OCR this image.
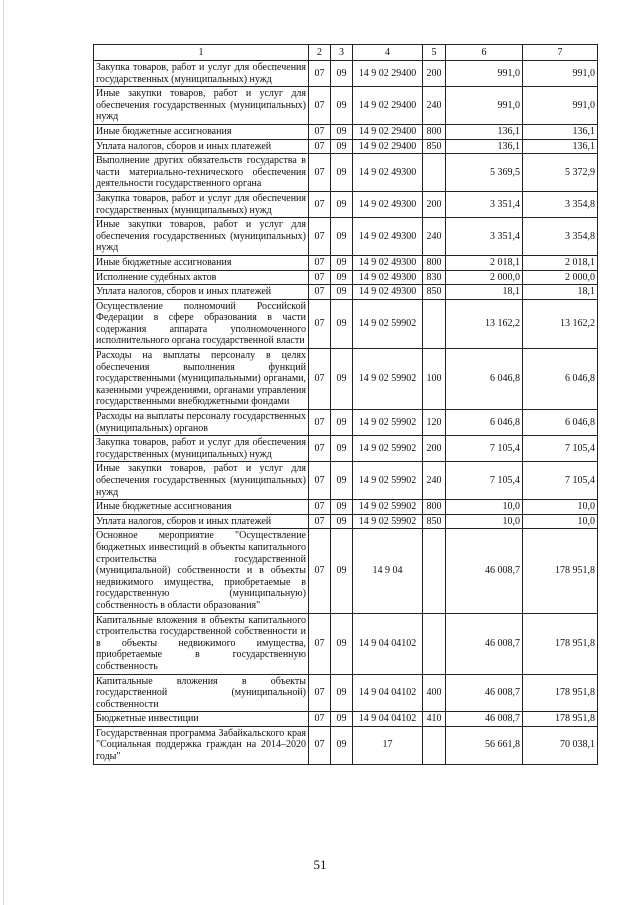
1	2	3	4	5	6	7
Закупка товаров, работ и услуг для обеспечения государственных (муниципальных) нужд	07	09	14 9 02 29400	200	991,0	991,0
Иные закупки товаров, работ и услуг для обеспечения государственных (муниципальных) нужд	07	09	14 9 02 29400	240	991,0	991,0
Иные бюджетные ассигнования	07	09	14 9 02 29400	800	136,1	136,1
Уплата налогов, сборов и иных платежей	07	09	14 9 02 29400	850	136,1	136,1
Выполнение других обязательств государства в части материально-технического обеспечения деятельности государственного органа	07	09	14 9 02 49300		5 369,5	5 372,9
Закупка товаров, работ и услуг для обеспечения государственных (муниципальных) нужд	07	09	14 9 02 49300	200	3 351,4	3 354,8
Иные закупки товаров, работ и услуг для обеспечения государственных (муниципальных) нужд	07	09	14 9 02 49300	240	3 351,4	3 354,8
Иные бюджетные ассигнования	07	09	14 9 02 49300	800	2 018,1	2 018,1
Исполнение судебных актов	07	09	14 9 02 49300	830	2 000,0	2 000,0
Уплата налогов, сборов и иных платежей	07	09	14 9 02 49300	850	18,1	18,1
Осуществление полномочий Российской Федерации в сфере образования в части содержания аппарата уполномоченного исполнительного органа государственной власти	07	09	14 9 02 59902		13 162,2	13 162,2
Расходы на выплаты персоналу в целях обеспечения выполнения функций государственными (муниципальными) органами, казенными учреждениями, органами управления государственными внебюджетными фондами	07	09	14 9 02 59902	100	6 046,8	6 046,8
Расходы на выплаты персоналу государственных (муниципальных) органов	07	09	14 9 02 59902	120	6 046,8	6 046,8
Закупка товаров, работ и услуг для обеспечения государственных (муниципальных) нужд	07	09	14 9 02 59902	200	7 105,4	7 105,4
Иные закупки товаров, работ и услуг для обеспечения государственных (муниципальных) нужд	07	09	14 9 02 59902	240	7 105,4	7 105,4
Иные бюджетные ассигнования	07	09	14 9 02 59902	800	10,0	10,0
Уплата налогов, сборов и иных платежей	07	09	14 9 02 59902	850	10,0	10,0
Основное мероприятие "Осуществление бюджетных инвестиций в объекты капитального строительства государственной (муниципальной) собственности и в объекты недвижимого имущества, приобретаемые в государственную (муниципальную) собственность в области образования"	07	09	14 9 04		46 008,7	178 951,8
Капитальные вложения в объекты капитального строительства государственной собственности и в объекты недвижимого имущества, приобретаемые в государственную собственность	07	09	14 9 04 04102		46 008,7	178 951,8
Капитальные вложения в объекты государственной (муниципальной) собственности	07	09	14 9 04 04102	400	46 008,7	178 951,8
Бюджетные инвестиции	07	09	14 9 04 04102	410	46 008,7	178 951,8
Государственная программа Забайкальского края "Социальная поддержка граждан на 2014–2020 годы"	07	09	17		56 661,8	70 038,1
51
